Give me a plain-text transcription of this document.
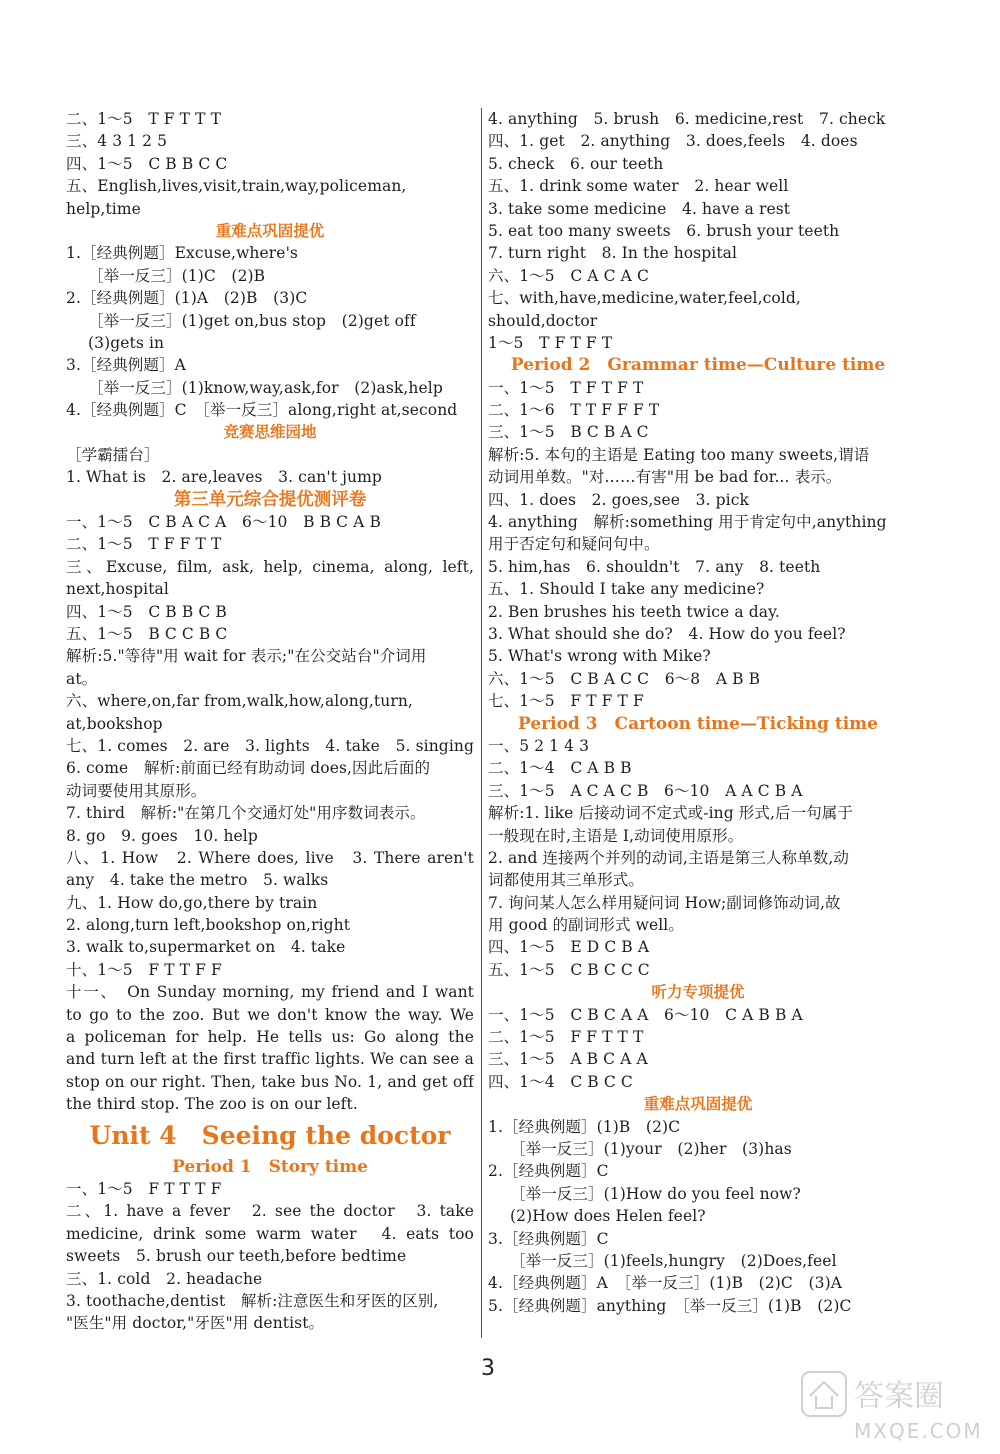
二、1～5　T F T T T
三、4 3 1 2 5
四、1～5　C B B C C
五、English,lives,visit,train,way,policeman,
help,time
重难点巩固提优
1.［经典例题］Excuse,where's
［举一反三］(1)C　(2)B
2.［经典例题］(1)A　(2)B　(3)C
［举一反三］(1)get on,bus stop　(2)get off
(3)gets in
3.［经典例题］A
［举一反三］(1)know,way,ask,for　(2)ask,help
4.［经典例题］C　［举一反三］along,right at,second
竞赛思维园地
［学霸擂台］
1. What is　2. are,leaves　3. can't jump
第三单元综合提优测评卷
一、1～5　C B A C A　6～10　B B C A B
二、1～5　T F F T T
三、Excuse, film, ask, help, cinema, along, left,
next,hospital
四、1～5　C B B C B
五、1～5　B C C B C
解析:5."等待"用 wait for 表示;"在公交站台"介词用
at。
六、where,on,far from,walk,how,along,turn,
at,bookshop
七、1. comes　2. are　3. lights　4. take　5. singing
6. come　解析:前面已经有助动词 does,因此后面的
动词要使用其原形。
7. third　解析:"在第几个交通灯处"用序数词表示。
8. go　9. goes　10. help
八、1. How　2. Where does, live　3. There aren't
any　4. take the metro　5. walks
九、1. How do,go,there by train
2. along,turn left,bookshop on,right
3. walk to,supermarket on　4. take
十、1～5　F T T F F
十一、　On Sunday morning, my friend and I want
to go to the zoo. But we don't know the way. We
a policeman for help. He tells us: Go along the
and turn left at the first traffic lights. We can see a
stop on our right. Then, take bus No. 1, and get off
the third stop. The zoo is on our left.
Unit 4　Seeing the doctor
Period 1　Story time
一、1～5　F T T T F
二、1. have a fever　2. see the doctor　3. take
medicine, drink some warm water　4. eats too
sweets　5. brush our teeth,before bedtime
三、1. cold　2. headache
3. toothache,dentist　解析:注意医生和牙医的区别,
"医生"用 doctor,"牙医"用 dentist。
4. anything　5. brush　6. medicine,rest　7. check
四、1. get　2. anything　3. does,feels　4. does
5. check　6. our teeth
五、1. drink some water　2. hear well
3. take some medicine　4. have a rest
5. eat too many sweets　6. brush your teeth
7. turn right　8. In the hospital
六、1～5　C A C A C
七、with,have,medicine,water,feel,cold,
should,doctor
1～5　T F T F T
Period 2　Grammar time—Culture time
一、1～5　T F T F T
二、1～6　T T F F F T
三、1～5　B C B A C
解析:5. 本句的主语是 Eating too many sweets,谓语
动词用单数。"对……有害"用 be bad for... 表示。
四、1. does　2. goes,see　3. pick
4. anything　解析:something 用于肯定句中,anything
用于否定句和疑问句中。
5. him,has　6. shouldn't　7. any　8. teeth
五、1. Should I take any medicine?
2. Ben brushes his teeth twice a day.
3. What should she do?　4. How do you feel?
5. What's wrong with Mike?
六、1～5　C B A C C　6～8　A B B
七、1～5　F T F T F
Period 3　Cartoon time—Ticking time
一、5 2 1 4 3
二、1～4　C A B B
三、1～5　A C A C B　6～10　A A C B A
解析:1. like 后接动词不定式或-ing 形式,后一句属于
一般现在时,主语是 I,动词使用原形。
2. and 连接两个并列的动词,主语是第三人称单数,动
词都使用其三单形式。
7. 询问某人怎么样用疑问词 How;副词修饰动词,故
用 good 的副词形式 well。
四、1～5　E D C B A
五、1～5　C B C C C
听力专项提优
一、1～5　C B C A A　6～10　C A B B A
二、1～5　F F T T T
三、1～5　A B C A A
四、1～4　C B C C
重难点巩固提优
1.［经典例题］(1)B　(2)C
［举一反三］(1)your　(2)her　(3)has
2.［经典例题］C
［举一反三］(1)How do you feel now?
(2)How does Helen feel?
3.［经典例题］C
［举一反三］(1)feels,hungry　(2)Does,feel
4.［经典例题］A　［举一反三］(1)B　(2)C　(3)A
5.［经典例题］anything　［举一反三］(1)B　(2)C
3
答案圈
MXQE.COM
